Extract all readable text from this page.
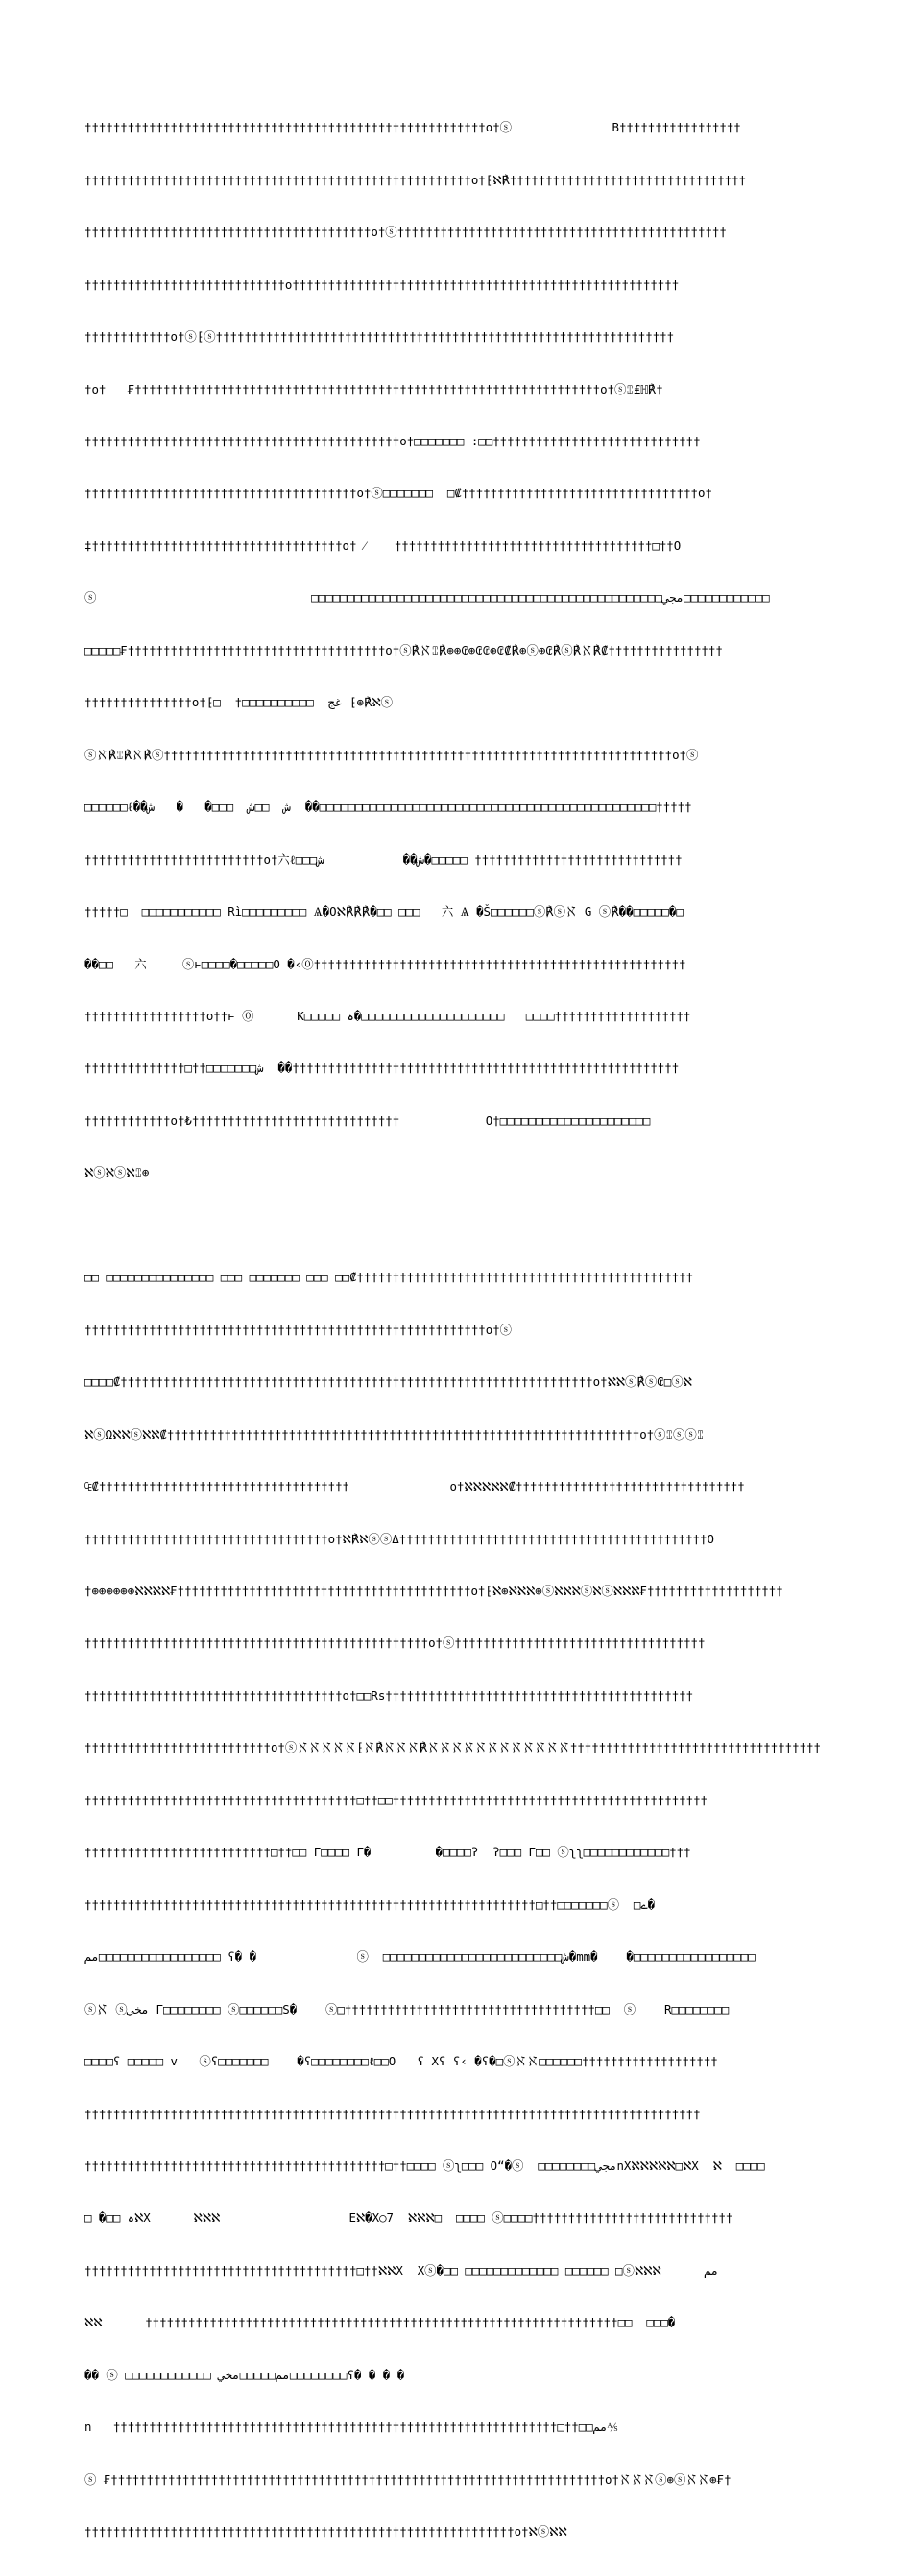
††††††††††††††††††††††††††††††††††††††††††††††††††††††††o†ⓢ              B†††††††††††††††††

††††††††††††††††††††††††††††††††††††††††††††††††††††††o†⁅ℵ℟†††††††††††††††††††††††††††††††††

††††††††††††††††††††††††††††††††††††††††o†ⓢ††††††††††††††††††††††††††††††††††††††††††††††

††††††††††††††††††††††††††††o††††††††††††††††††††††††††††††††††††††††††††††††††††††

††††††††††††o†ⓢ⁅ⓢ††††††††††††††††††††††††††††††††††††††††††††††††††††††††††††††††

†o†   ₣†††††††††††††††††††††††††††††††††††††††††††††††††††††††††††††††††o†ⓢ⑄₤ℍ℟†

††††††††††††††††††††††††††††††††††††††††††††o†□□□□□□□ :□□†††††††††††††††††††††††††††††

††††††††††††††††††††††††††††††††††††††o†ⓢ□□□□□□□  □₡†††††††††††††††††††††††††††††††††o†

‡†††††††††††††††††††††††††††††††††††o† ⁄    ††††††††††††††††††††††††††††††††††††□††O

ⓢ                              □□□□□□□□□□□□□□□□□□□□□□□□□□□□□□□□□□□□□□□□□□□□□□□□□مجي□□□□□□□□□□□□

□□□□□₣††††††††††††††††††††††††††††††††††††o†ⓢ℟ℵ⑄℟⊕⊕₢⊕₢₢⊕₢₡℟⊕ⓢ⊕₢℟ⓢ℟ℵ℟₡††††††††††††††††

†††††††††††††††o†⁅□  †□□□□□□□□□□  غج ⁅⊕℟ℵⓢ

ⓢℵ℟⑄℟ℵ℟ⓢ†††††††††††††††††††††††††††††††††††††††††††††††††††††††††††††††††††††††o†ⓢ

□□□□□□ℓ��ش  □□ش  □□□�   �   ش  ��□□□□□□□□□□□□□□□□□□□□□□□□□□□□□□□□□□□□□□□□□□□□□□□†††††

†††††††††††††††††††††††††o†六ℓ□□□ش��           ش�□□□□□ †††††††††††††††††††††††††††††

†††††□  □□□□□□□□□□□ Rì□□□□□□□□□ Ѧ�Oℵ℟℟℟�□□ □□□   六 Ѧ �Š□□□□□□ⓢ℟ⓢℵ G ⓢ℟��□□□□□�□

��□□   六     ⓢⱶ□□□□�□□□□□O �‹⓪††††††††††††††††††††††††††††††††††††††††††††††††††††

†††††††††††††††††o††ⱶ ⓪      K□□□□□ ہ�□□□□□□□□□□□□□□□□□□□□   □□□□†††††††††††††††††††

††††††††††††††□††□□□□□□□ش  ��††††††††††††††††††††††††††††††††††††††††††††††††††††††

††††††††††††o†₺†††††††††††††††††††††††††††††            O†□□□□□□□□□□□□□□□□□□□□□

ℵⓢℵⓢℵ⑄⊕

□□ □□□□□□□□□□□□□□□ □□□ □□□□□□□ □□□ □□₡†††††††††††††††††††††††††††††††††††††††††††††††

††††††††††††††††††††††††††††††††††††††††††††††††††††††††o†ⓢ

□□□□₡††††††††††††††††††††††††††††††††††††††††††††††††††††††††††††††††††o†ℵℵⓢ℟ⓢ₢□ⓢℵ

ℵⓢΩℵℵⓢℵℵ₡††††††††††††††††††††††††††††††††††††††††††††††††††††††††††††††††††o†ⓢ⑄ⓢⓢ⑄

₠₡†††††††††††††††††††††††††††††††††††              o†ℵℵℵℵℵ₡††††††††††††††††††††††††††††††††

††††††††††††††††††††††††††††††††††o†ℵ℟ℵⓢⓢΔ†††††††††††††††††††††††††††††††††††††††††††O

†⊕⊕⊕⊕⊕⊕ℵℵℵℵ₣†††††††††††††††††††††††††††††††††††††††††o†⁅ℵ⊕ℵℵℵ⊕ⓢℵℵℵⓢℵⓢℵℵℵ₣†††††††††††††††††††

††††††††††††††††††††††††††††††††††††††††††††††††o†ⓢ†††††††††††††††††††††††††††††††††††

††††††††††††††††††††††††††††††††††††o†□□Rs†††††††††††††††††††††††††††††††††††††††††††

††††††††††††††††††††††††††o†ⓢℵℵℵℵℵ⁅ℵ℟ℵℵℵ℟ℵℵℵℵℵℵℵℵℵℵℵℵ†††††††††††††††††††††††††††††††††††

††††††††††††††††††††††††††††††††††††††□††□□††††††††††††††††††††††††††††††††††††††††††††

††††††††††††††††††††††††††□††□□ Γ□□□□ Γ�         �□□□□ʔ  ʔ□□□ Γ□□ ⓢʅʅ□□□□□□□□□□□□†††

†††††††††††††††††††††††††††††††††††††††††††††††††††††††††††††††□††□□□□□□□ⓢ  □ے�

مم□□□□□□□□□□□□□□□□□ ʕ� �              ⓢ  □□□□□□□□□□□□□□□□□□□□□□□□□ش�mm�    �□□□□□□□□□□□□□□□□□

ⓢℵ ⓢمخي Γ□□□□□□□□ ⓢ□□□□□□S�    ⓢ□†††††††††††††††††††††††††††††††††††□□  ⓢ    R□□□□□□□□

□□□□ʕ □□□□□ v   ⓢʕ□□□□□□□    �ʕ□□□□□□□□ℓ□□O   ʕ Xʕ ʕ‹ �ʕ�□ⓢℵℵ□□□□□□†††††††††††††††††††

††††††††††††††††††††††††††††††††††††††††††††††††††††††††††††††††††††††††††††††††††††††

††††††††††††††††††††††††††††††††††††††††††□††□□□□ ⓢʅ□□□ O“�ⓢ  □□□□□□□□مجيnXℵℵℵℵℵ□ℵX  ℵ  □□□□

□ �□□ ہℵX      ℵℵℵ                  Eℵ�X○7  ℵℵℵ□  □□□□ ⓢ□□□□††††††††††††††††††††††††††††

††††††††††††††††††††††††††††††††††††††□††ℵℵX  Xⓢ�□□ □□□□□□□□□□□□□ □□□□□□ □ⓢℵℵℵ      مم

ℵℵ      ††††††††††††††††††††††††††††††††††††††††††††††††††††††††††††††††††□□  □□□�

�� ⓢ □□□□□□□□□□□□ مم□□□□□مخي□□□□□□□□ʕ� � � �

n   ††††††††††††††††††††††††††††††††††††††††††††††††††††††††††††††□††□□مم⅍

ⓢ ₣†††††††††††††††††††††††††††††††††††††††††††††††††††††††††††††††††††††o†ℵℵℵⓢ⊕ⓢℵℵ⊕₣†

††††††††††††††††††††††††††††††††††††††††††††††††††††††††††††o†ℵⓢℵℵ
